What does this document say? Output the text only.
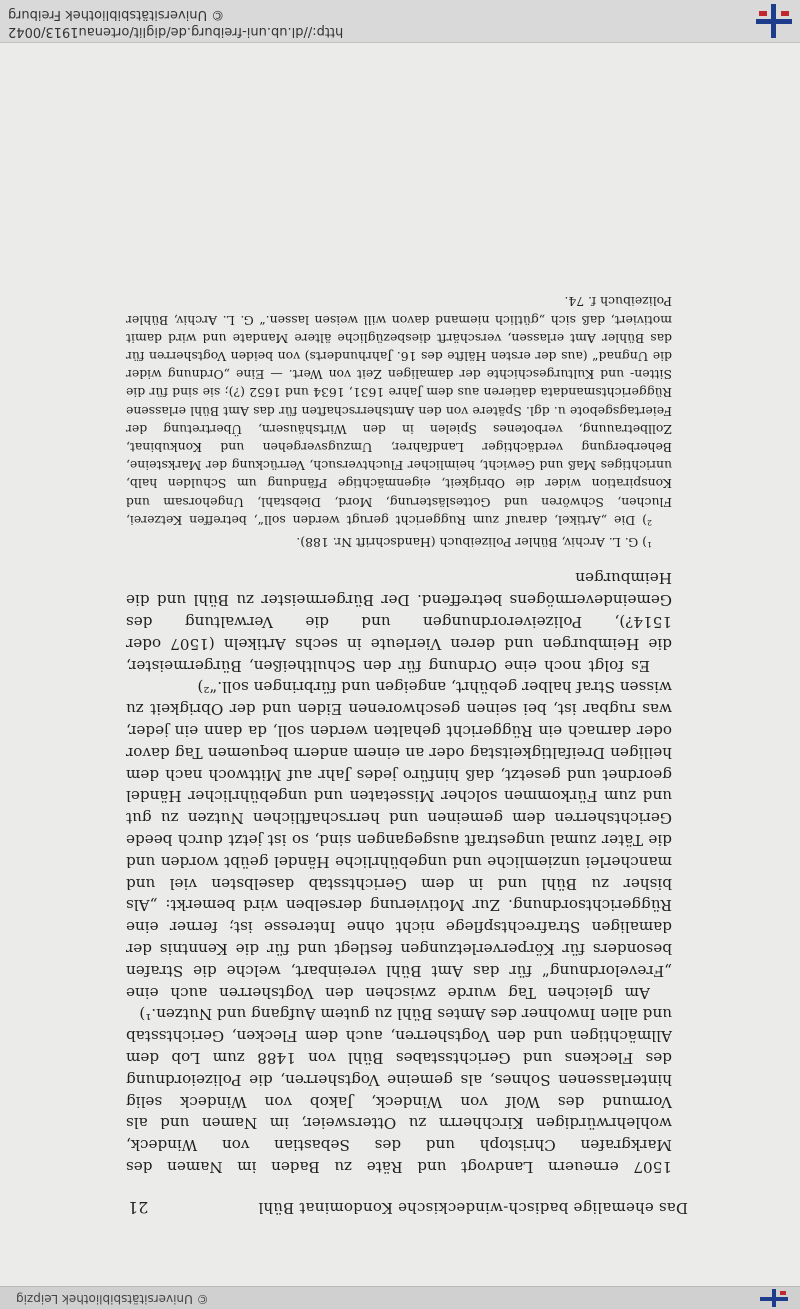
http://dl.ub.uni-freiburg.de/diglit/ortenau1913/0042
© Universitätsbibliothek Freiburg
Das ehemalige badisch-windeckische Kondominat Bühl
21

1507 erneuern Landvogt und Räte zu Baden im Namen des Markgrafen Christoph und des Sebastian von Windeck, wohlehrwürdigen Kirchherrn zu Ottersweier, im Namen und als Vormund des Wolf von Windeck, Jakob von Windeck selig hinterlassenen Sohnes, als gemeine Vogtsherren, die Polizeiordnung des Fleckens und Gerichtsstabes Bühl von 1488 zum Lob dem Allmächtigen und den Vogtsherren, auch dem Flecken, Gerichtsstab und allen Inwohner des Amtes Bühl zu gutem Aufgang und Nutzen.¹)

Am gleichen Tag wurde zwischen den Vogtsherren auch eine „Frevelordnung“ für das Amt Bühl vereinbart, welche die Strafen besonders für Körperverletzungen festlegt und für die Kenntnis der damaligen Strafrechtspflege nicht ohne Interesse ist; ferner eine Rüggerichtsordnung. Zur Motivierung derselben wird bemerkt: „Als bisher zu Bühl und in dem Gerichtsstab daselbsten viel und mancherlei unziemliche und ungebührliche Händel geübt worden und die Täter zumal ungestraft ausgegangen sind, so ist jetzt durch beede Gerichtsherren dem gemeinen und herrschaftlichen Nutzen zu gut und zum Fürkommen solcher Missetaten und ungebührlicher Händel geordnet und gesetzt, daß hinfüro jedes Jahr auf Mittwoch nach dem heiligen Dreifaltigkeitstag oder an einem andern bequemen Tag davor oder darnach ein Rüggericht gehalten werden soll, da dann ein jeder, was rugbar ist, bei seinen geschworenen Eiden und der Obrigkeit zu wissen Straf halber gebührt, angeigen und fürbringen soll.“²)

Es folgt noch eine Ordnung für den Schultheißen, Bürgermeister, die Heimburgen und deren Vierleute in sechs Artikeln (1507 oder 1514?), Polizeiverordnungen und die Verwaltung des Gemeindevermögens betreffend. Der Bürgermeister zu Bühl und die Heimburgen

¹) G. L. Archiv, Bühler Polizeibuch (Handschrift Nr. 188).

²) Die „Artikel, darauf zum Ruggericht gerugt werden soll“, betreffen Ketzerei, Fluchen, Schwören und Gotteslästerung, Mord, Diebstahl, Ungehorsam und Konspiration wider die Obrigkeit, eigenmächtige Pfändung um Schulden halb, unrichtiges Maß und Gewicht, heimlicher Fluchtversuch, Verrückung der Marksteine, Beherbergung verdächtiger Landfahrer, Umzugsvergehen und Konkubinat, Zollbetrauung, verbotenes Spielen in den Wirtshäusern, Übertretung der Feiertagsgebote u. dgl. Spätere von den Amtsherrschaften für das Amt Bühl erlassene Rüggerichtsmandata datieren aus dem Jahre 1631, 1634 und 1652 (?); sie sind für die Sitten- und Kulturgeschichte der damaligen Zeit von Wert. — Eine „Ordnung wider die Ungnad“ (aus der ersten Hälfte des 16. Jahrhunderts) von beiden Vogtsherren für das Bühler Amt erlassen, verschärft diesbezügliche ältere Mandate und wird damit motiviert, daß sich „gütlich niemand davon will weisen lassen.“ G. L. Archiv, Bühler Polizeibuch f. 74.

© Universitätsbibliothek Leipzig
